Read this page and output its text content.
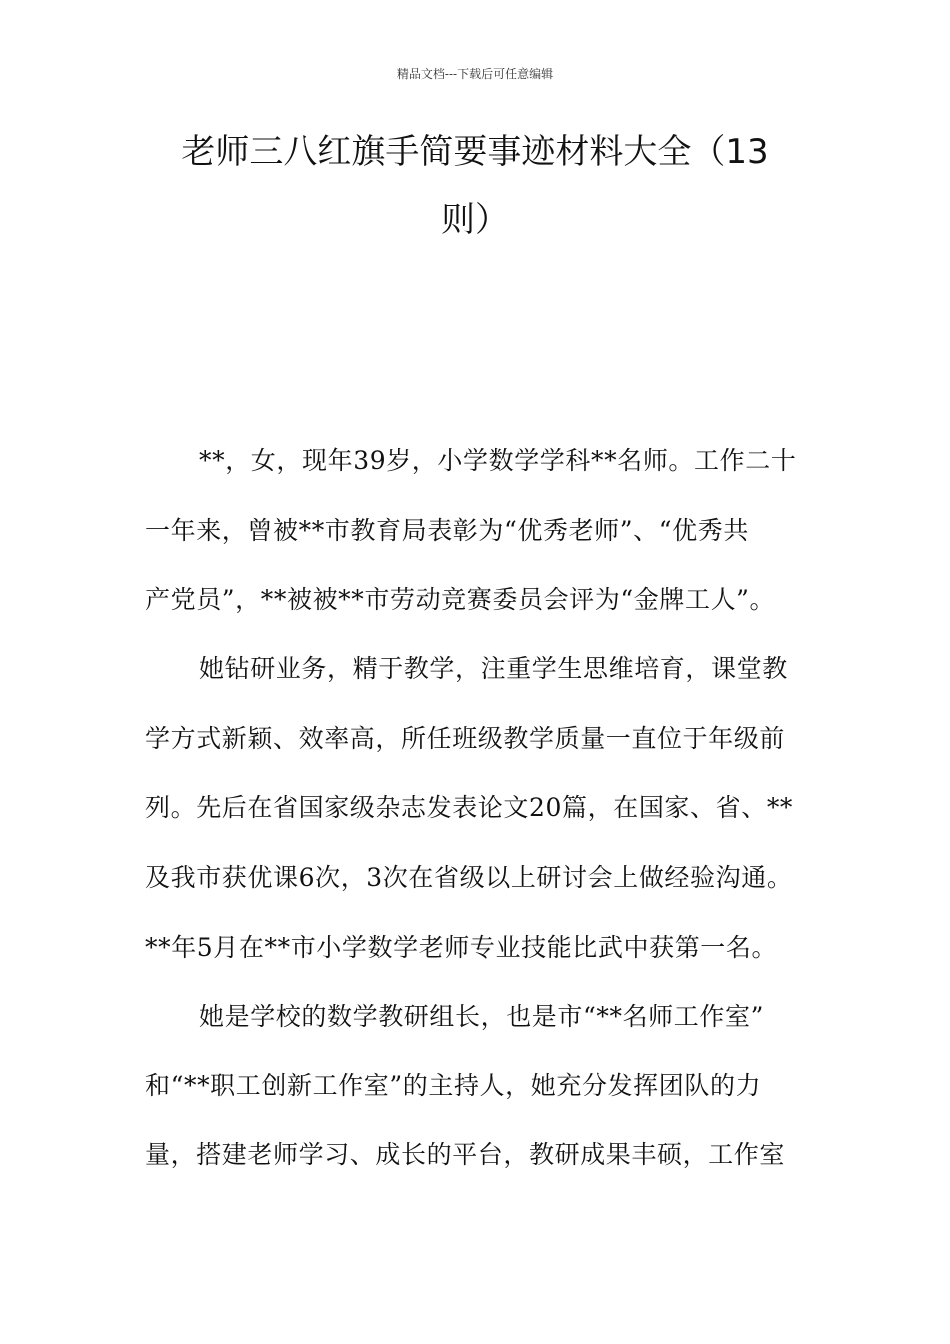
精品文档---下载后可任意编辑
老师三八红旗手简要事迹材料大全（13
则）
**，女，现年39岁，小学数学学科**名师。工作二十
一年来，曾被**市教育局表彰为“优秀老师”、“优秀共
产党员”，**被被**市劳动竞赛委员会评为“金牌工人”。
她钻研业务，精于教学，注重学生思维培育，课堂教
学方式新颖、效率高，所任班级教学质量一直位于年级前
列。先后在省国家级杂志发表论文20篇，在国家、省、**
及我市获优课6次，3次在省级以上研讨会上做经验沟通。
**年5月在**市小学数学老师专业技能比武中获第一名。
她是学校的数学教研组长，也是市“**名师工作室”
和“**职工创新工作室”的主持人，她充分发挥团队的力
量，搭建老师学习、成长的平台，教研成果丰硕，工作室
